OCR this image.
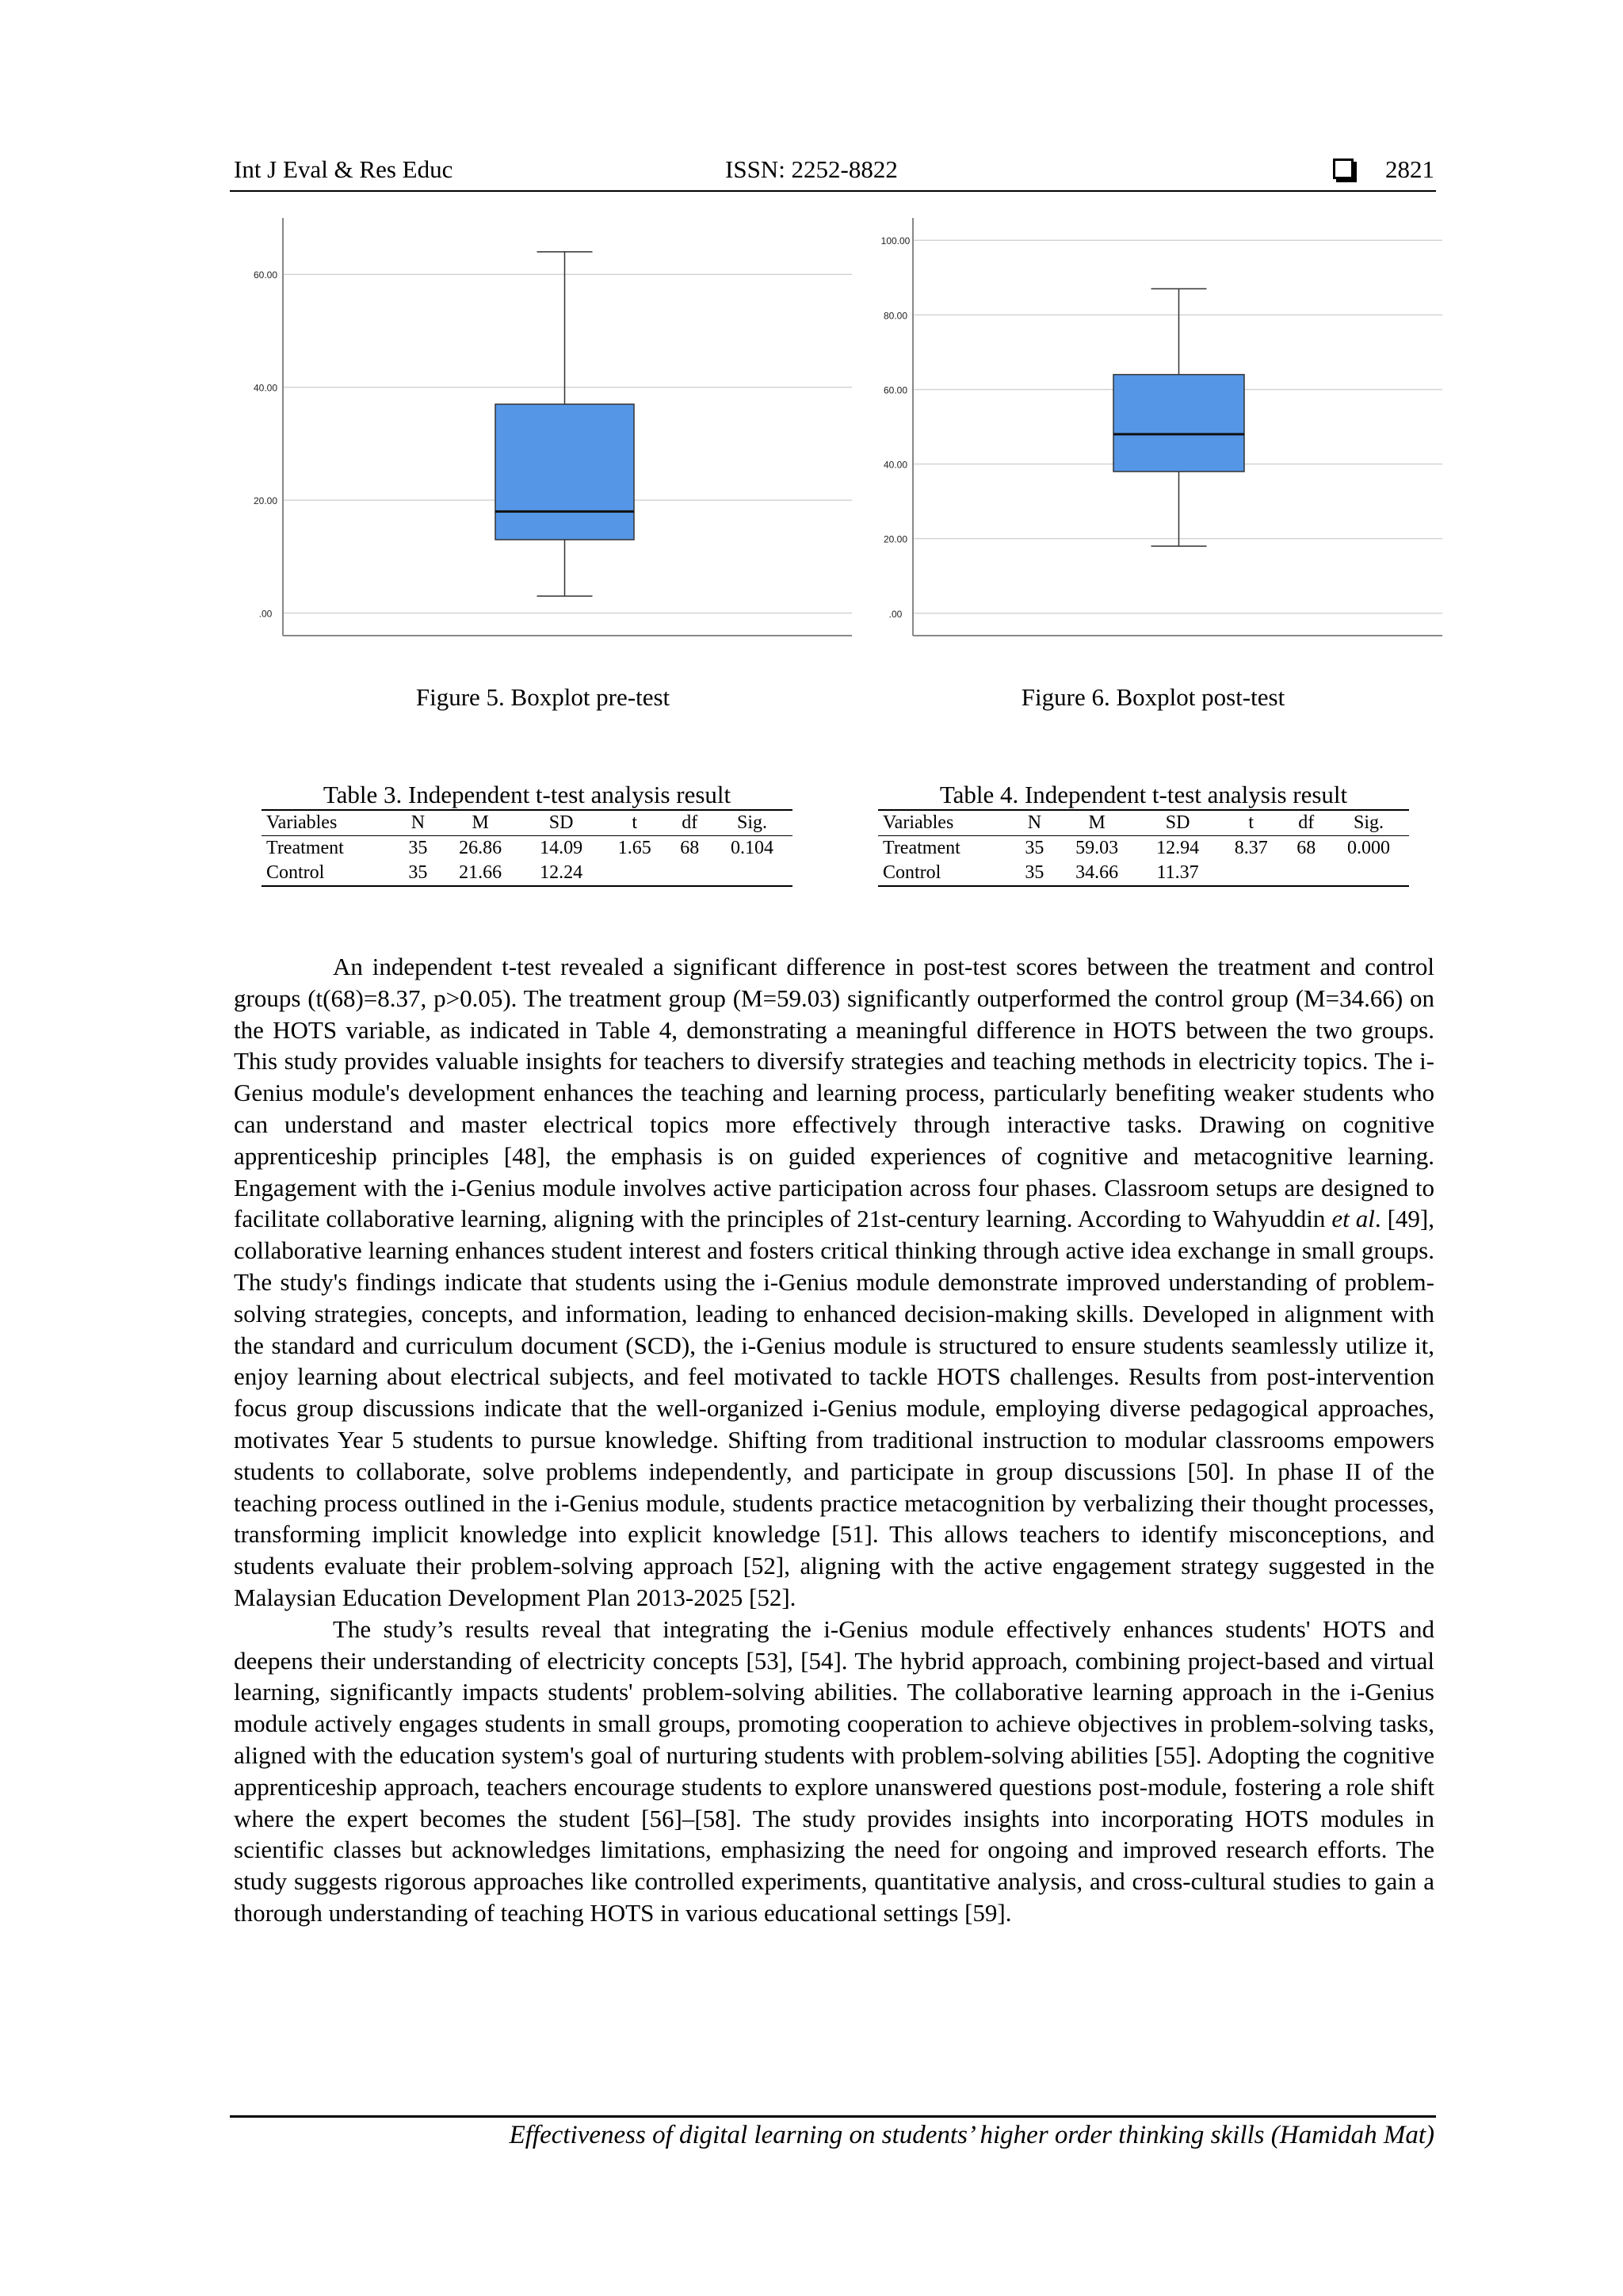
Int J Eval & Res Educ	ISSN: 2252-8822	2821
.00
20.00
40.00
60.00
Figure 5. Boxplot pre-test
.00
20.00
40.00
60.00
80.00
100.00
Figure 6. Boxplot post-test
Table 3. Independent t-test analysis result
Variables	N	M	SD	t	df	Sig.
Treatment	35	26.86	14.09	1.65	68	0.104
Control	35	21.66	12.24			
Table 4. Independent t-test analysis result
Variables	N	M	SD	t	df	Sig.
Treatment	35	59.03	12.94	8.37	68	0.000
Control	35	34.66	11.37			

An independent t-test revealed a significant difference in post-test scores between the treatment and control groups (t(68)=8.37, p>0.05). The treatment group (M=59.03) significantly outperformed the control group (M=34.66) on the HOTS variable, as indicated in Table 4, demonstrating a meaningful difference in HOTS between the two groups. This study provides valuable insights for teachers to diversify strategies and teaching methods in electricity topics. The i-Genius module's development enhances the teaching and learning process, particularly benefiting weaker students who can understand and master electrical topics more effectively through interactive tasks. Drawing on cognitive apprenticeship principles [48], the emphasis is on guided experiences of cognitive and metacognitive learning. Engagement with the i-Genius module involves active participation across four phases. Classroom setups are designed to facilitate collaborative learning, aligning with the principles of 21st-century learning. According to Wahyuddin et al. [49], collaborative learning enhances student interest and fosters critical thinking through active idea exchange in small groups. The study's findings indicate that students using the i-Genius module demonstrate improved understanding of problem-solving strategies, concepts, and information, leading to enhanced decision-making skills. Developed in alignment with the standard and curriculum document (SCD), the i-Genius module is structured to ensure students seamlessly utilize it, enjoy learning about electrical subjects, and feel motivated to tackle HOTS challenges. Results from post-intervention focus group discussions indicate that the well-organized i-Genius module, employing diverse pedagogical approaches, motivates Year 5 students to pursue knowledge. Shifting from traditional instruction to modular classrooms empowers students to collaborate, solve problems independently, and participate in group discussions [50]. In phase II of the teaching process outlined in the i-Genius module, students practice metacognition by verbalizing their thought processes, transforming implicit knowledge into explicit knowledge [51]. This allows teachers to identify misconceptions, and students evaluate their problem-solving approach [52], aligning with the active engagement strategy suggested in the Malaysian Education Development Plan 2013-2025 [52].

The study’s results reveal that integrating the i-Genius module effectively enhances students' HOTS and deepens their understanding of electricity concepts [53], [54]. The hybrid approach, combining project-based and virtual learning, significantly impacts students' problem-solving abilities. The collaborative learning approach in the i-Genius module actively engages students in small groups, promoting cooperation to achieve objectives in problem-solving tasks, aligned with the education system's goal of nurturing students with problem-solving abilities [55]. Adopting the cognitive apprenticeship approach, teachers encourage students to explore unanswered questions post-module, fostering a role shift where the expert becomes the student [56]–[58]. The study provides insights into incorporating HOTS modules in scientific classes but acknowledges limitations, emphasizing the need for ongoing and improved research efforts. The study suggests rigorous approaches like controlled experiments, quantitative analysis, and cross-cultural studies to gain a thorough understanding of teaching HOTS in various educational settings [59].

Effectiveness of digital learning on students’ higher order thinking skills (Hamidah Mat)
